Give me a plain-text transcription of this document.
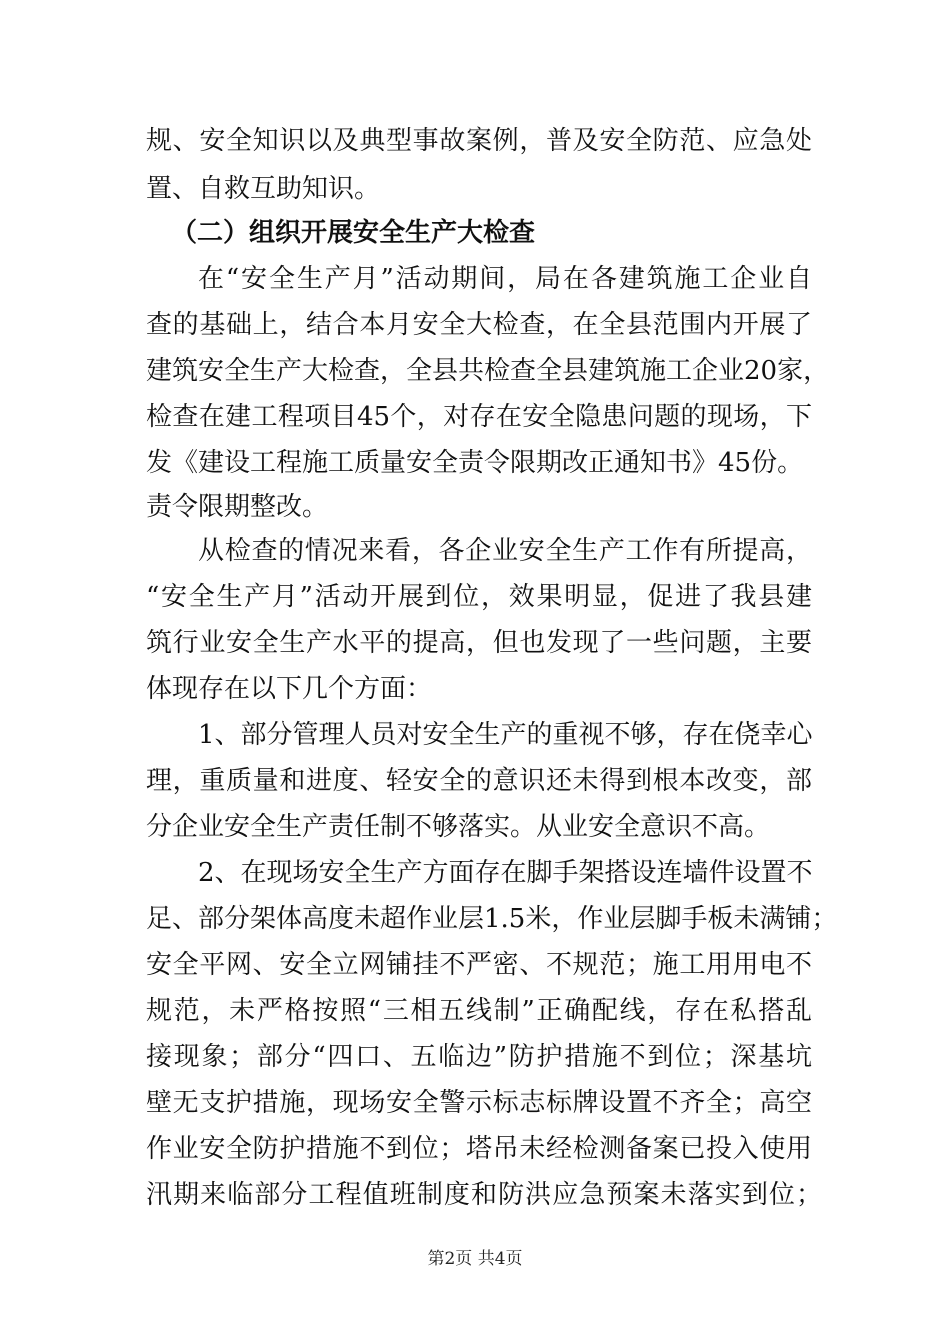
规、安全知识以及典型事故案例，普及安全防范、应急处
置、自救互助知识。
（二）组织开展安全生产大检查
在“安全生产月”活动期间，局在各建筑施工企业自
查的基础上，结合本月安全大检查，在全县范围内开展了
建筑安全生产大检查，全县共检查全县建筑施工企业20家，
检查在建工程项目45个，对存在安全隐患问题的现场，下
发《建设工程施工质量安全责令限期改正通知书》45份。
责令限期整改。
从检查的情况来看，各企业安全生产工作有所提高，
“安全生产月”活动开展到位，效果明显，促进了我县建
筑行业安全生产水平的提高，但也发现了一些问题，主要
体现存在以下几个方面：
1、部分管理人员对安全生产的重视不够，存在侥幸心
理，重质量和进度、轻安全的意识还未得到根本改变，部
分企业安全生产责任制不够落实。从业安全意识不高。
2、在现场安全生产方面存在脚手架搭设连墙件设置不
足、部分架体高度未超作业层1.5米，作业层脚手板未满铺；
安全平网、安全立网铺挂不严密、不规范；施工用用电不
规范，未严格按照“三相五线制”正确配线，存在私搭乱
接现象；部分“四口、五临边”防护措施不到位；深基坑
壁无支护措施，现场安全警示标志标牌设置不齐全；高空
作业安全防护措施不到位；塔吊未经检测备案已投入使用
汛期来临部分工程值班制度和防洪应急预案未落实到位；
第2页 共4页
